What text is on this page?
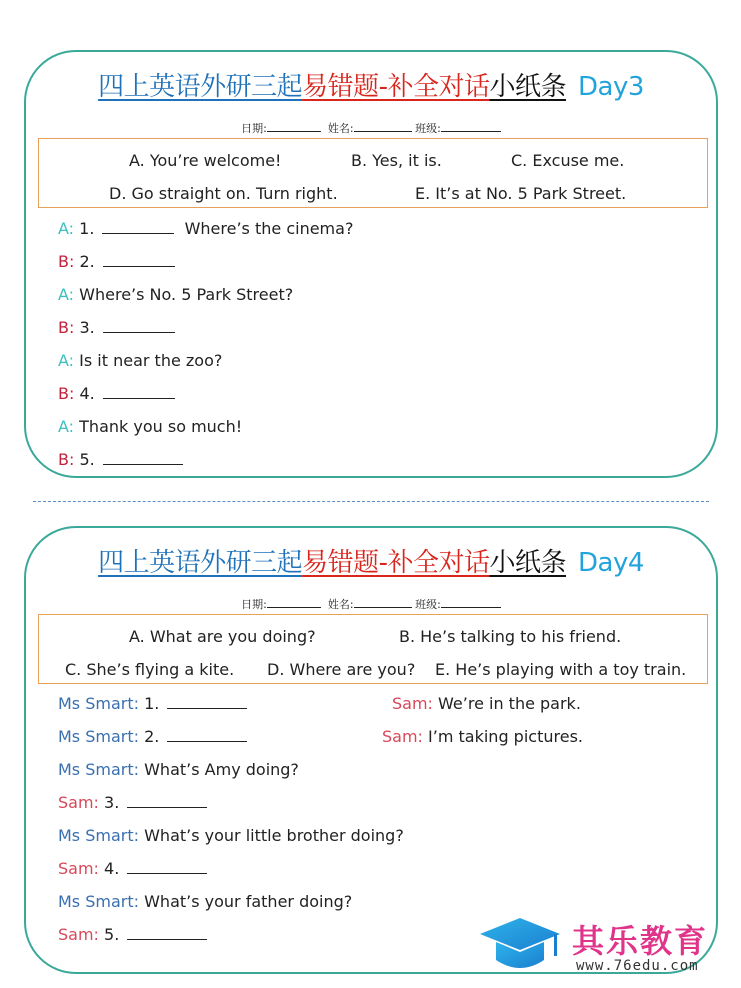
四上英语外研三起易错题-补全对话小纸条 Day3
日期:	姓名:	班级:
A. You’re welcome!	B. Yes, it is.	C. Excuse me.
D. Go straight on. Turn right.	E. It’s at No. 5 Park Street.
A: 1.	Where’s the cinema?
B: 2.
A: Where’s No. 5 Park Street?
B: 3.
A: Is it near the zoo?
B: 4.
A: Thank you so much!
B: 5.
四上英语外研三起易错题-补全对话小纸条 Day4
日期:	姓名:	班级:
A. What are you doing?	B. He’s talking to his friend.
C. She’s flying a kite. D. Where are you? E. He’s playing with a toy train.
Ms Smart: 1.	Sam: We’re in the park.
Ms Smart: 2.	Sam: I’m taking pictures.
Ms Smart: What’s Amy doing?
Sam: 3.
Ms Smart: What’s your little brother doing?
Sam: 4.
Ms Smart: What’s your father doing?
Sam: 5.	其乐教育
www.76edu.com
